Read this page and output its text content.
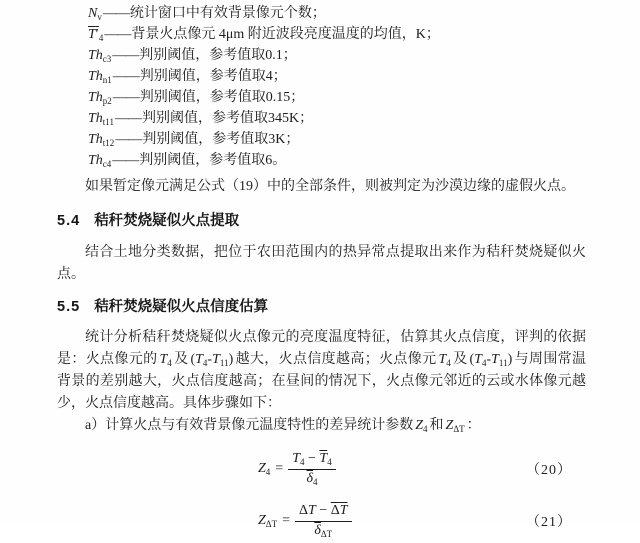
$N_v——$统计窗口中有效背景像元个数；
$T'_4——$背景火点像元 4μm 附近波段亮度温度的均值，K；
$Th_{c3}——$判别阈值，参考值取0.1；
$Th_{n1}——$判别阈值，参考值取4；
$Th_{p2}——$判别阈值，参考值取0.15；
$Th_{t11}——$判别阈值，参考值取345K；
$Th_{t12}——$判别阈值，参考值取3K；
$Th_{c4}——$判别阈值，参考值取6。

如果暂定像元满足公式（19）中的全部条件，则被判定为沙漠边缘的虚假火点。

5.4 秸秆焚烧疑似火点提取

结合土地分类数据，把位于农田范围内的热异常点提取出来作为秸秆焚烧疑似火点。

5.5 秸秆焚烧疑似火点信度估算

统计分析秸秆焚烧疑似火点像元的亮度温度特征，估算其火点信度，评判的依据是：火点像元的 $T_4$ 及 $(T_4-T_{11})$ 越大，火点信度越高；火点像元 $T_4$ 及 $(T_4-T_{11})$ 与周围常温背景的差别越大，火点信度越高；在昼间的情况下，火点像元邻近的云或水体像元越少，火点信度越高。具体步骤如下：

a）计算火点与有效背景像元温度特性的差异统计参数 $Z_4$ 和 $Z_{\Delta T}$ ：

$Z_4 = \frac{T_4 - \overline{T}_4}{\overline{\delta}_4}$	（20）
$Z_{\Delta T} = \frac{\Delta T - \Delta T}{\overline{\delta}_{\Delta T}}$	（21）
